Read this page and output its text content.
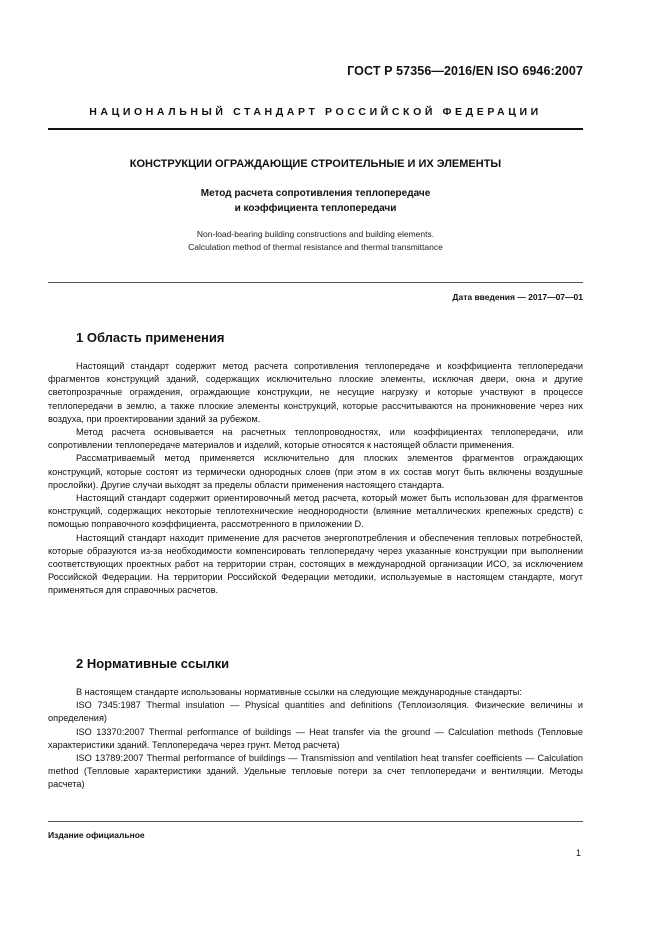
ГОСТ Р 57356—2016/EN ISO 6946:2007
НАЦИОНАЛЬНЫЙ СТАНДАРТ РОССИЙСКОЙ ФЕДЕРАЦИИ
КОНСТРУКЦИИ ОГРАЖДАЮЩИЕ СТРОИТЕЛЬНЫЕ И ИХ ЭЛЕМЕНТЫ
Метод расчета сопротивления теплопередаче
и коэффициента теплопередачи
Non-load-bearing building constructions and building elements.
Calculation method of thermal resistance and thermal transmittance
Дата введения — 2017—07—01
1 Область применения

Настоящий стандарт содержит метод расчета сопротивления теплопередаче и коэффициента теплопередачи фрагментов конструкций зданий, содержащих исключительно плоские элементы, исключая двери, окна и другие светопрозрачные ограждения, ограждающие конструкции, не несущие нагрузку и которые участвуют в процессе теплопередачи в землю, а также плоские элементы конструкций, которые рассчитываются на проникновение через них воздуха, при проектировании зданий за рубежом.

Метод расчета основывается на расчетных теплопроводностях, или коэффициентах теплопередачи, или сопротивлении теплопередаче материалов и изделий, которые относятся к настоящей области применения.

Рассматриваемый метод применяется исключительно для плоских элементов фрагментов ограждающих конструкций, которые состоят из термически однородных слоев (при этом в их состав могут быть включены воздушные прослойки). Другие случаи выходят за пределы области применения настоящего стандарта.

Настоящий стандарт содержит ориентировочный метод расчета, который может быть использован для фрагментов конструкций, содержащих некоторые теплотехнические неоднородности (влияние металлических крепежных средств) с помощью поправочного коэффициента, рассмотренного в приложении D.

Настоящий стандарт находит применение для расчетов энергопотребления и обеспечения тепловых потребностей, которые образуются из-за необходимости компенсировать теплопередачу через указанные конструкции при выполнении соответствующих проектных работ на территории стран, состоящих в международной организации ИСО, за исключением Российской Федерации. На территории Российской Федерации методики, используемые в настоящем стандарте, могут применяться для справочных расчетов.

2 Нормативные ссылки

В настоящем стандарте использованы нормативные ссылки на следующие международные стандарты:

ISO 7345:1987 Thermal insulation — Physical quantities and definitions (Теплоизоляция. Физические величины и определения)

ISO 13370:2007 Thermal performance of buildings — Heat transfer via the ground — Calculation methods (Тепловые характеристики зданий. Теплопередача через грунт. Метод расчета)

ISO 13789:2007 Thermal performance of buildings — Transmission and ventilation heat transfer coefficients — Calculation method (Тепловые характеристики зданий. Удельные тепловые потери за счет теплопередачи и вентиляции. Методы расчета)

Издание официальное
1
